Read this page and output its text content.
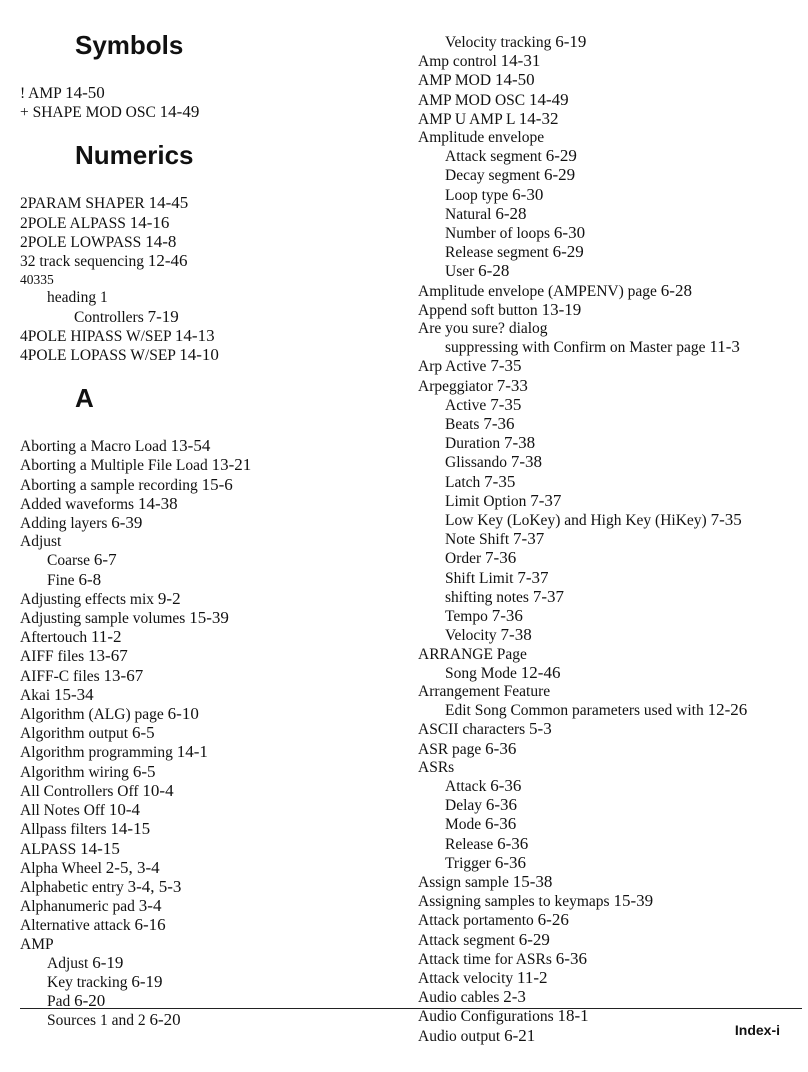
Symbols
! AMP 14-50
+ SHAPE MOD OSC 14-49
Numerics
2PARAM SHAPER 14-45
2POLE ALPASS 14-16
2POLE LOWPASS 14-8
32 track sequencing 12-46
40335
heading 1
Controllers 7-19
4POLE HIPASS W/SEP 14-13
4POLE LOPASS W/SEP 14-10
A
Aborting a Macro Load 13-54
Aborting a Multiple File Load 13-21
Aborting a sample recording 15-6
Added waveforms 14-38
Adding layers 6-39
Adjust
Coarse 6-7
Fine 6-8
Adjusting effects mix 9-2
Adjusting sample volumes 15-39
Aftertouch 11-2
AIFF files 13-67
AIFF-C files 13-67
Akai 15-34
Algorithm (ALG) page 6-10
Algorithm output 6-5
Algorithm programming 14-1
Algorithm wiring 6-5
All Controllers Off 10-4
All Notes Off 10-4
Allpass filters 14-15
ALPASS 14-15
Alpha Wheel 2-5, 3-4
Alphabetic entry 3-4, 5-3
Alphanumeric pad 3-4
Alternative attack 6-16
AMP
Adjust 6-19
Key tracking 6-19
Pad 6-20
Sources 1 and 2 6-20
Velocity tracking 6-19
Amp control 14-31
AMP MOD 14-50
AMP MOD OSC 14-49
AMP U AMP L 14-32
Amplitude envelope
Attack segment 6-29
Decay segment 6-29
Loop type 6-30
Natural 6-28
Number of loops 6-30
Release segment 6-29
User 6-28
Amplitude envelope (AMPENV) page 6-28
Append soft button 13-19
Are you sure? dialog
suppressing with Confirm on Master page 11-3
Arp Active 7-35
Arpeggiator 7-33
Active 7-35
Beats 7-36
Duration 7-38
Glissando 7-38
Latch 7-35
Limit Option 7-37
Low Key (LoKey) and High Key (HiKey) 7-35
Note Shift 7-37
Order 7-36
Shift Limit 7-37
shifting notes 7-37
Tempo 7-36
Velocity 7-38
ARRANGE Page
Song Mode 12-46
Arrangement Feature
Edit Song Common parameters used with 12-26
ASCII characters 5-3
ASR page 6-36
ASRs
Attack 6-36
Delay 6-36
Mode 6-36
Release 6-36
Trigger 6-36
Assign sample 15-38
Assigning samples to keymaps 15-39
Attack portamento 6-26
Attack segment 6-29
Attack time for ASRs 6-36
Attack velocity 11-2
Audio cables 2-3
Audio Configurations 18-1
Audio output 6-21	Index-i
